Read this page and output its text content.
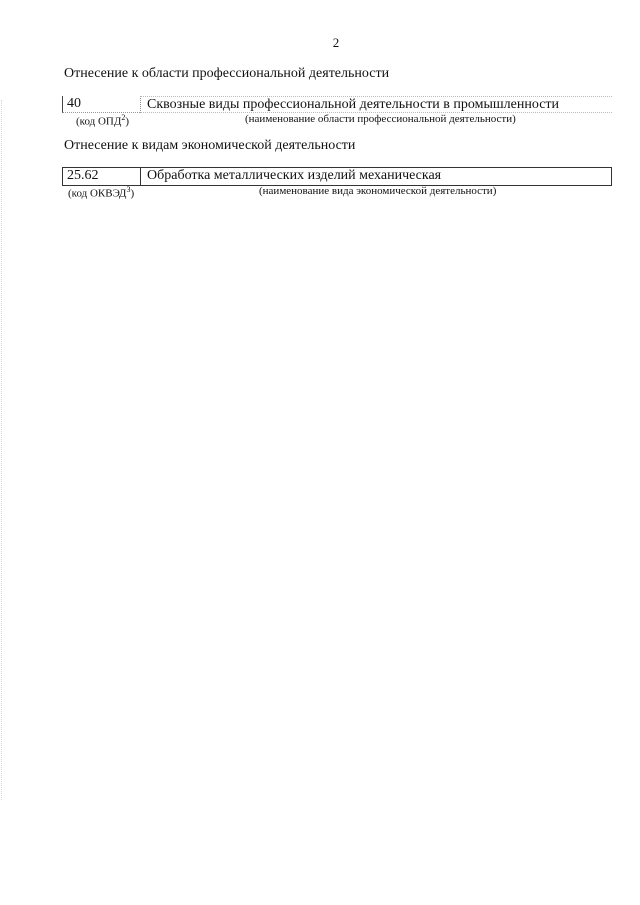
2
Отнесение к области профессиональной деятельности
40	Сквозные виды профессиональной деятельности в промышленности
(код ОПД$^2$)	(наименование области профессиональной деятельности)
Отнесение к видам экономической деятельности
25.62	Обработка металлических изделий механическая
(код ОКВЭД$^3$)	(наименование вида экономической деятельности)
